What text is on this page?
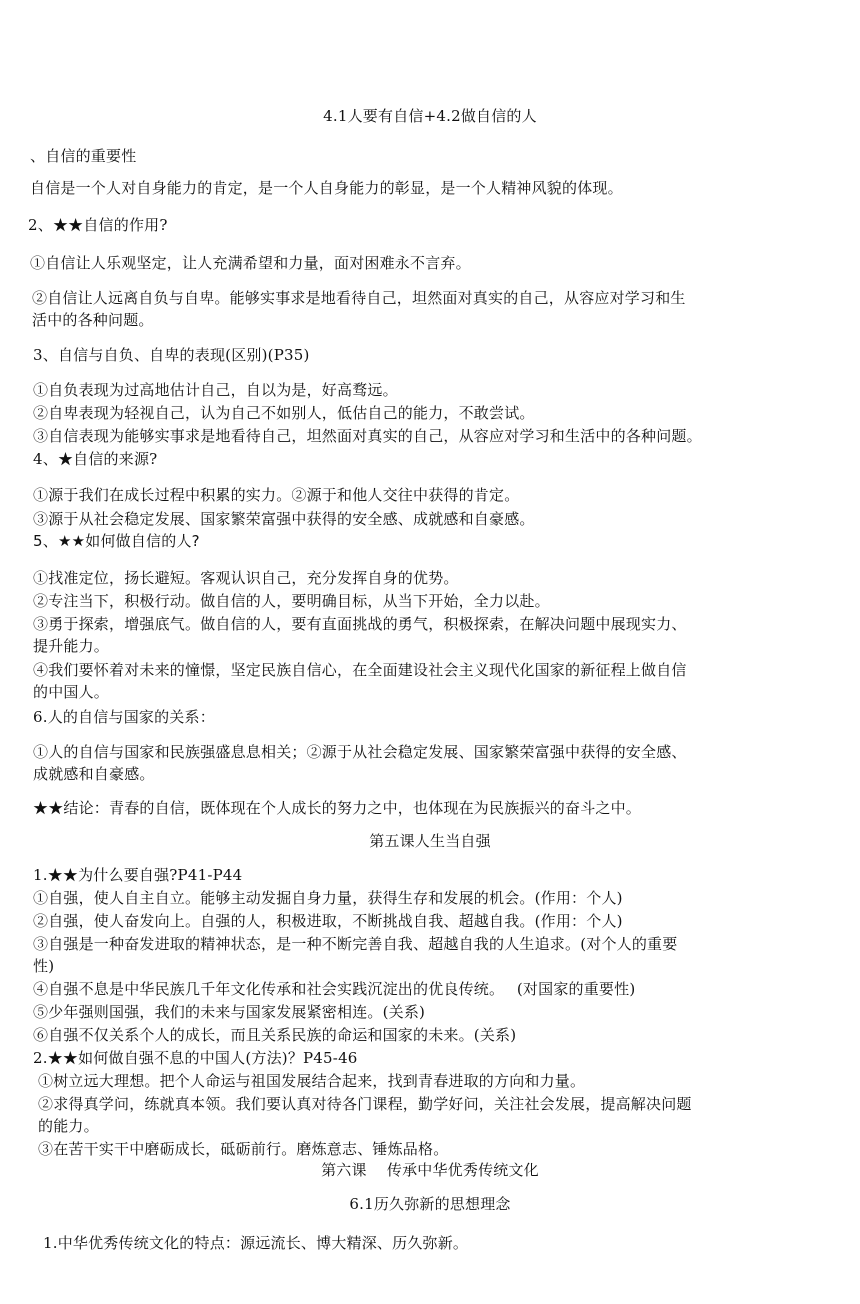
4.1人要有自信+4.2做自信的人
、自信的重要性
自信是一个人对自身能力的肯定，是一个人自身能力的彰显，是一个人精神风貌的体现。
2、★★自信的作用?
①自信让人乐观坚定，让人充满希望和力量，面对困难永不言弃。
②自信让人远离自负与自卑。能够实事求是地看待自己，坦然面对真实的自己，从容应对学习和生
活中的各种问题。
3、自信与自负、自卑的表现(区别)(P35)
①自负表现为过高地估计自己，自以为是，好高骛远。
②自卑表现为轻视自己，认为自己不如别人，低估自己的能力，不敢尝试。
③自信表现为能够实事求是地看待自己，坦然面对真实的自己，从容应对学习和生活中的各种问题。
4、★自信的来源?
①源于我们在成长过程中积累的实力。②源于和他人交往中获得的肯定。
③源于从社会稳定发展、国家繁荣富强中获得的安全感、成就感和自豪感。
5、★★如何做自信的人?
①找准定位，扬长避短。客观认识自己，充分发挥自身的优势。
②专注当下，积极行动。做自信的人，要明确目标，从当下开始，全力以赴。
③勇于探索，增强底气。做自信的人，要有直面挑战的勇气，积极探索，在解决问题中展现实力、
提升能力。
④我们要怀着对未来的憧憬，坚定民族自信心，在全面建设社会主义现代化国家的新征程上做自信
的中国人。
6.人的自信与国家的关系：
①人的自信与国家和民族强盛息息相关；②源于从社会稳定发展、国家繁荣富强中获得的安全感、
成就感和自豪感。
★★结论：青春的自信，既体现在个人成长的努力之中，也体现在为民族振兴的奋斗之中。
第五课人生当自强
1.★★为什么要自强?P41-P44
①自强，使人自主自立。能够主动发掘自身力量，获得生存和发展的机会。(作用：个人)
②自强，使人奋发向上。自强的人，积极进取，不断挑战自我、超越自我。(作用：个人)
③自强是一种奋发进取的精神状态，是一种不断完善自我、超越自我的人生追求。(对个人的重要
性)
④自强不息是中华民族几千年文化传承和社会实践沉淀出的优良传统。　 (对国家的重要性)
⑤少年强则国强，我们的未来与国家发展紧密相连。(关系)
⑥自强不仅关系个人的成长，而且关系民族的命运和国家的未来。(关系)
2.★★如何做自强不息的中国人(方法)？P45-46
①树立远大理想。把个人命运与祖国发展结合起来，找到青春进取的方向和力量。
②求得真学问，练就真本领。我们要认真对待各门课程，勤学好问，关注社会发展，提高解决问题
的能力。
③在苦干实干中磨砺成长，砥砺前行。磨炼意志、锤炼品格。
第六课　 传承中华优秀传统文化
6.1历久弥新的思想理念
1.中华优秀传统文化的特点：源远流长、博大精深、历久弥新。
